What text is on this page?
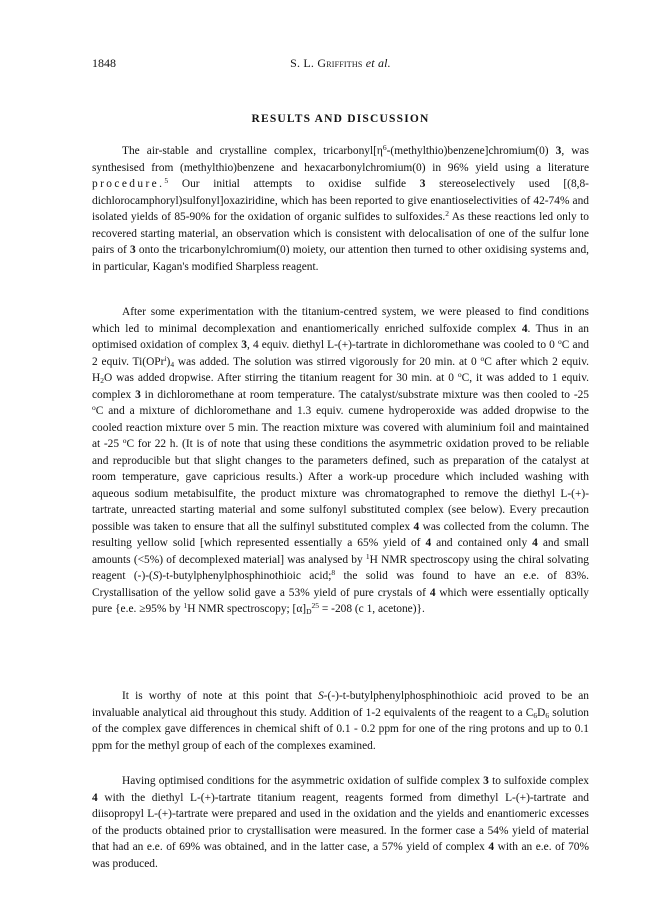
1848	S. L. Griffiths et al.
RESULTS AND DISCUSSION

The air-stable and crystalline complex, $tricarbonyl[\eta^6-(methylthio)benzene]chromium(0)$ 3, was synthesised from (methylthio)benzene and hexacarbonylchromium(0) in 96% yield using a literature procedure.$^5$ Our initial attempts to oxidise sulfide 3 stereoselectively used [(8,8-dichlorocamphoryl)sulfonyl]oxaziridine, which has been reported to give enantioselectivities of 42-74% and isolated yields of 85-90% for the oxidation of organic sulfides to sulfoxides.$^2$ As these reactions led only to recovered starting material, an observation which is consistent with delocalisation of one of the sulfur lone pairs of 3 onto the tricarbonylchromium(0) moiety, our attention then turned to other oxidising systems and, in particular, Kagan's modified Sharpless reagent.

After some experimentation with the titanium-centred system, we were pleased to find conditions which led to minimal decomplexation and enantiomerically enriched sulfoxide complex 4. Thus in an optimised oxidation of complex 3, 4 equiv. diethyl L-(+)-tartrate in dichloromethane was cooled to 0 $^o$C and 2 equiv. $Ti(OPr^i)_4$ was added. The solution was stirred vigorously for 20 min. at 0 $^o$C after which 2 equiv. $H_2O$ was added dropwise. After stirring the titanium reagent for 30 min. at 0 $^o$C, it was added to 1 equiv. complex 3 in dichloromethane at room temperature. The catalyst/substrate mixture was then cooled to -25 $^o$C and a mixture of dichloromethane and 1.3 equiv. cumene hydroperoxide was added dropwise to the cooled reaction mixture over 5 min. The reaction mixture was covered with aluminium foil and maintained at -25 $^o$C for 22 h. (It is of note that using these conditions the asymmetric oxidation proved to be reliable and reproducible but that slight changes to the parameters defined, such as preparation of the catalyst at room temperature, gave capricious results.) After a work-up procedure which included washing with aqueous sodium metabisulfite, the product mixture was chromatographed to remove the diethyl L-(+)-tartrate, unreacted starting material and some sulfonyl substituted complex (see below). Every precaution possible was taken to ensure that all the sulfinyl substituted complex 4 was collected from the column. The resulting yellow solid [which represented essentially a 65% yield of 4 and contained only 4 and small amounts (<5%) of decomplexed material] was analysed by $^1$H NMR spectroscopy using the chiral solvating reagent (-)-(S)-t-butylphenylphosphinothioic acid;$^8$ the solid was found to have an e.e. of 83%. Crystallisation of the yellow solid gave a 53% yield of pure crystals of 4 which were essentially optically pure {e.e. ≥95% by $^1$H NMR spectroscopy; $[\alpha]_D^{25} = -208$ (c 1, acetone)}.

It is worthy of note at this point that S-(-)-t-butylphenylphosphinothioic acid proved to be an invaluable analytical aid throughout this study. Addition of 1-2 equivalents of the reagent to a $C_6D_6$ solution of the complex gave differences in chemical shift of 0.1 - 0.2 ppm for one of the ring protons and up to 0.1 ppm for the methyl group of each of the complexes examined.

Having optimised conditions for the asymmetric oxidation of sulfide complex 3 to sulfoxide complex 4 with the diethyl L-(+)-tartrate titanium reagent, reagents formed from dimethyl L-(+)-tartrate and diisopropyl L-(+)-tartrate were prepared and used in the oxidation and the yields and enantiomeric excesses of the products obtained prior to crystallisation were measured. In the former case a 54% yield of material that had an e.e. of 69% was obtained, and in the latter case, a 57% yield of complex 4 with an e.e. of 70% was produced.
